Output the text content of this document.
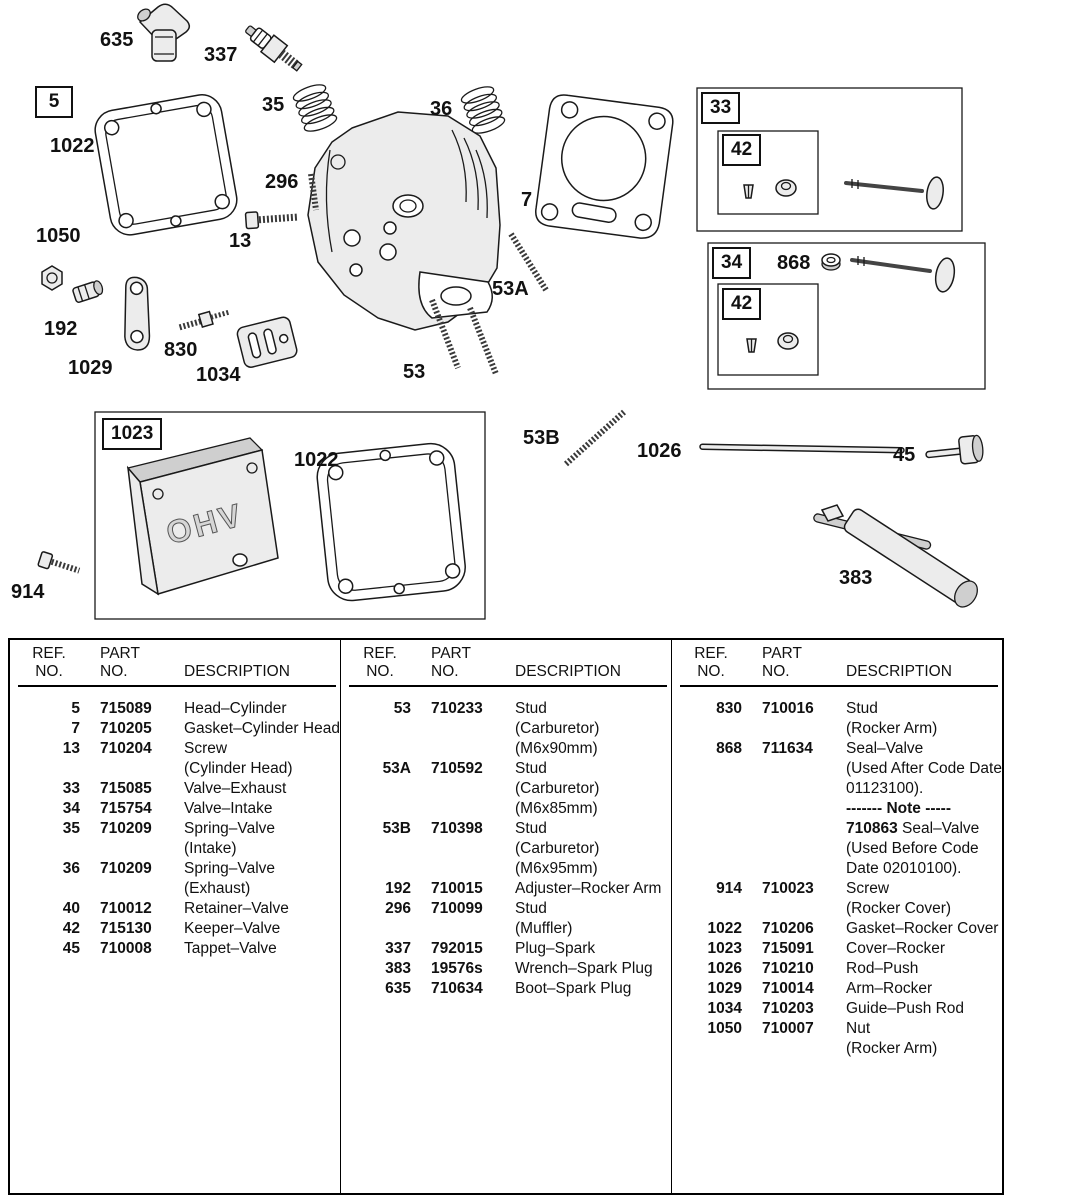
OHV
635
337
5
1022
35	36
296
7
1050	13
33
42
53A
34	868
42
192
830
1029	1034	53
1023
1022
53B
1026	45
383
914
REF.
NO.
PART
NO.	DESCRIPTION
5	715089	Head–Cylinder
7	710205	Gasket–Cylinder Head
13	710204	Screw
(Cylinder Head)
33	715085	Valve–Exhaust
34	715754	Valve–Intake
35	710209	Spring–Valve
(Intake)
36	710209	Spring–Valve
(Exhaust)
40	710012	Retainer–Valve
42	715130	Keeper–Valve
45	710008	Tappet–Valve
REF.
NO.
PART
NO.	DESCRIPTION
53	710233	Stud
(Carburetor)
(M6x90mm)
53A	710592	Stud
(Carburetor)
(M6x85mm)
53B	710398	Stud
(Carburetor)
(M6x95mm)
192	710015	Adjuster–Rocker Arm
296	710099	Stud
(Muffler)
337	792015	Plug–Spark
383	19576s	Wrench–Spark Plug
635	710634	Boot–Spark Plug
REF.
NO.
PART
NO.	DESCRIPTION
830	710016	Stud
(Rocker Arm)
868	711634	Seal–Valve
(Used After Code Date
01123100).
------- Note -----
710863 Seal–Valve
(Used Before Code
Date 02010100).
914	710023	Screw
(Rocker Cover)
1022	710206	Gasket–Rocker Cover
1023	715091	Cover–Rocker
1026	710210	Rod–Push
1029	710014	Arm–Rocker
1034	710203	Guide–Push Rod
1050	710007	Nut
(Rocker Arm)
